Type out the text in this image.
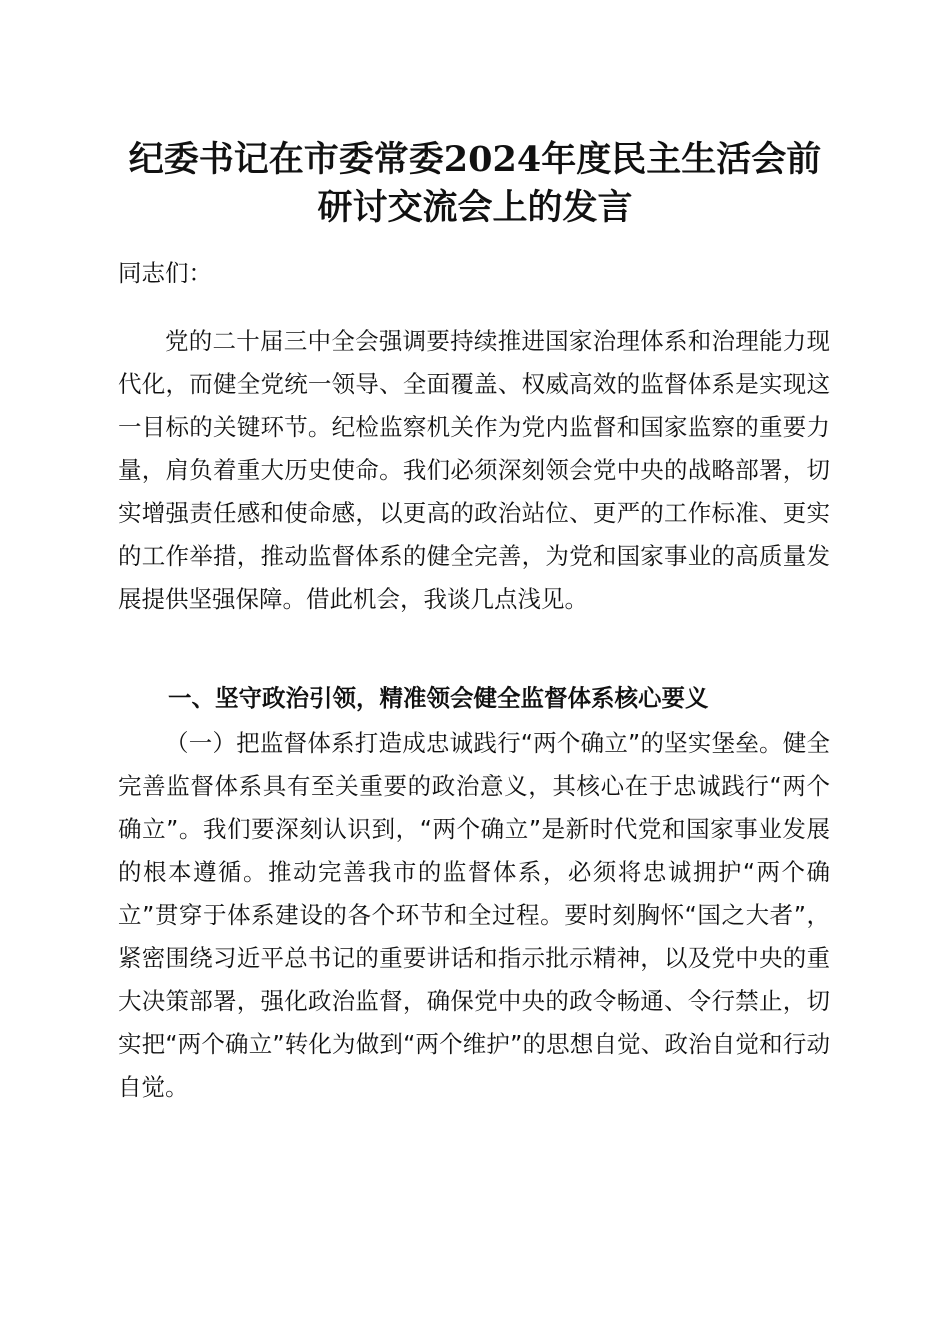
纪委书记在市委常委2024年度民主生活会前
研讨交流会上的发言

同志们：

党的二十届三中全会强调要持续推进国家治理体系和治理能力现代化，而健全党统一领导、全面覆盖、权威高效的监督体系是实现这一目标的关键环节。纪检监察机关作为党内监督和国家监察的重要力量，肩负着重大历史使命。我们必须深刻领会党中央的战略部署，切实增强责任感和使命感，以更高的政治站位、更严的工作标准、更实的工作举措，推动监督体系的健全完善，为党和国家事业的高质量发展提供坚强保障。借此机会，我谈几点浅见。

一、坚守政治引领，精准领会健全监督体系核心要义

（一）把监督体系打造成忠诚践行“两个确立”的坚实堡垒。健全完善监督体系具有至关重要的政治意义，其核心在于忠诚践行“两个确立”。我们要深刻认识到，“两个确立”是新时代党和国家事业发展的根本遵循。推动完善我市的监督体系，必须将忠诚拥护“两个确立”贯穿于体系建设的各个环节和全过程。要时刻胸怀“国之大者”，紧密围绕习近平总书记的重要讲话和指示批示精神，以及党中央的重大决策部署，强化政治监督，确保党中央的政令畅通、令行禁止，切实把“两个确立”转化为做到“两个维护”的思想自觉、政治自觉和行动自觉。
